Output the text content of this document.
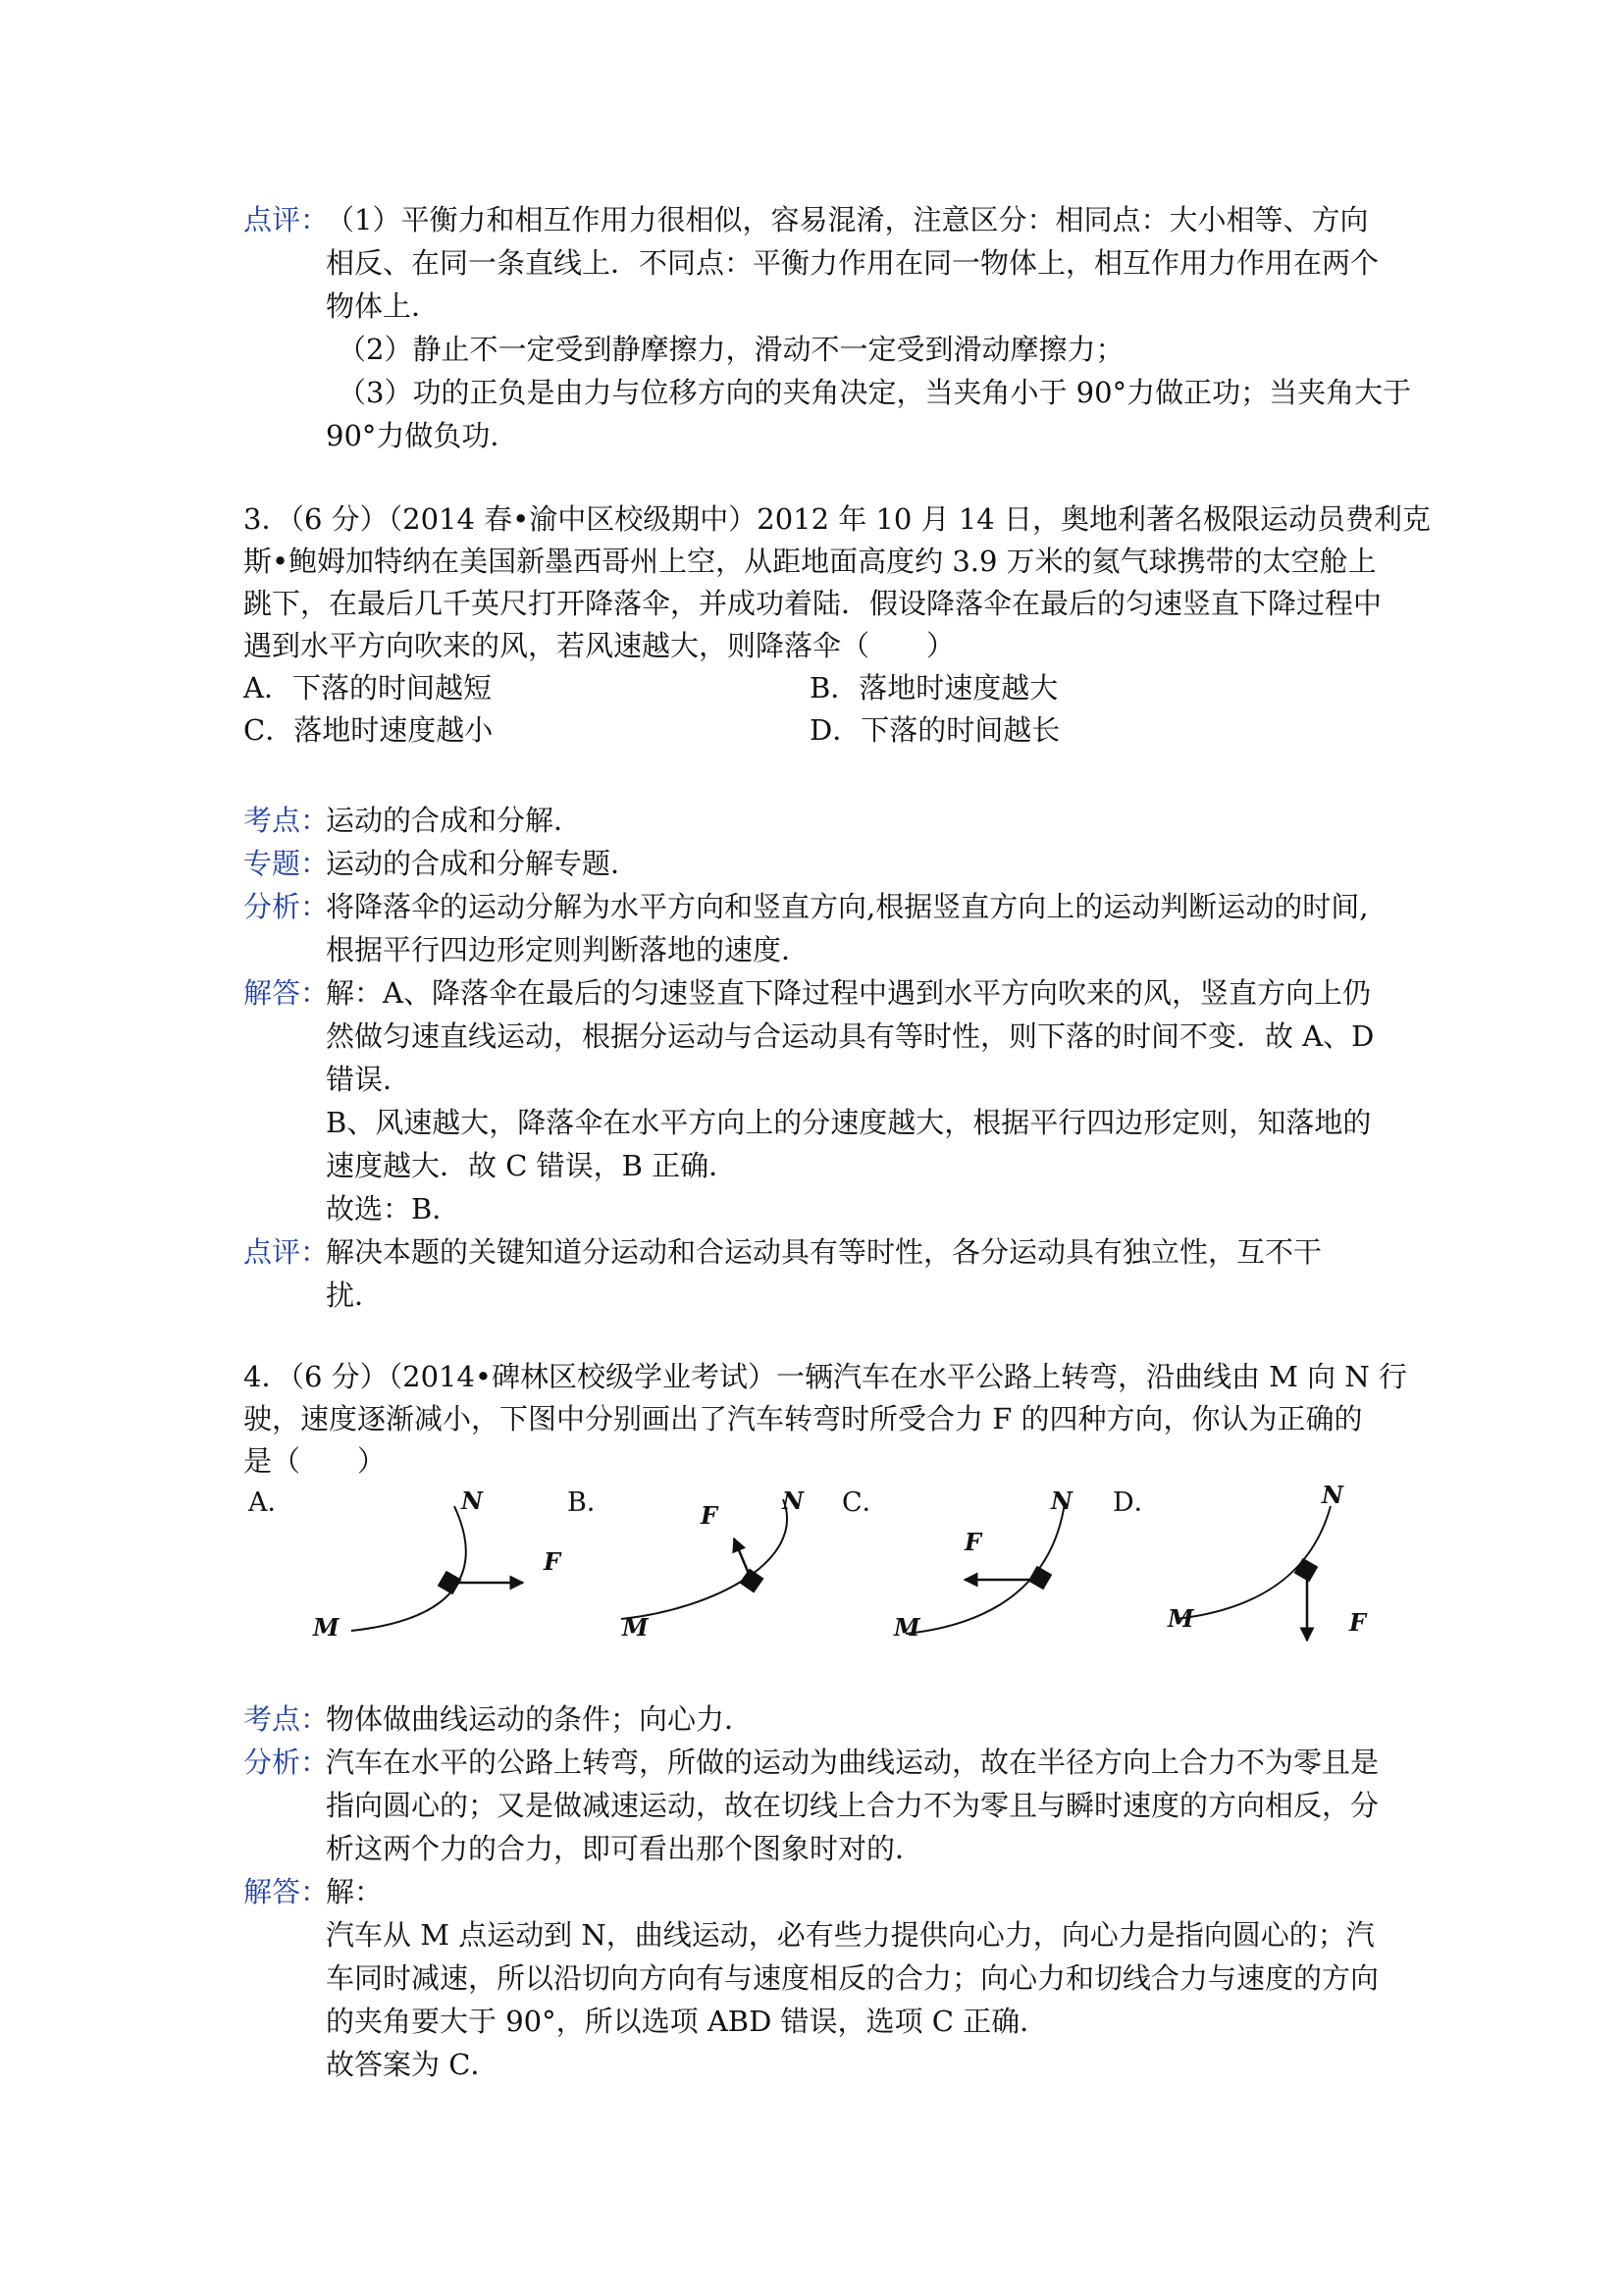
点评：
（1）平衡力和相互作用力很相似，容易混淆，注意区分：相同点：大小相等、方向
相反、在同一条直线上．不同点：平衡力作用在同一物体上，相互作用力作用在两个
物体上．
（2）静止不一定受到静摩擦力，滑动不一定受到滑动摩擦力；
（3）功的正负是由力与位移方向的夹角决定，当夹角小于 90°力做正功；当夹角大于
90°力做负功．
3．（6 分）（2014 春•渝中区校级期中）2012 年 10 月 14 日，奥地利著名极限运动员费利克
斯•鲍姆加特纳在美国新墨西哥州上空，从距地面高度约 3.9 万米的氦气球携带的太空舱上
跳下，在最后几千英尺打开降落伞，并成功着陆．假设降落伞在最后的匀速竖直下降过程中
遇到水平方向吹来的风，若风速越大，则降落伞（　　）
A．下落的时间越短	B．落地时速度越大
C．落地时速度越小	D．下落的时间越长
考点：
运动的合成和分解．
专题：
运动的合成和分解专题．
分析：
将降落伞的运动分解为水平方向和竖直方向,根据竖直方向上的运动判断运动的时间,
根据平行四边形定则判断落地的速度．
解答：
解：A、降落伞在最后的匀速竖直下降过程中遇到水平方向吹来的风，竖直方向上仍
然做匀速直线运动，根据分运动与合运动具有等时性，则下落的时间不变．故 A、D
错误．
B、风速越大，降落伞在水平方向上的分速度越大，根据平行四边形定则，知落地的
速度越大．故 C 错误，B 正确．
故选：B．
点评：
解决本题的关键知道分运动和合运动具有等时性，各分运动具有独立性，互不干
扰．
4．（6 分）（2014•碑林区校级学业考试）一辆汽车在水平公路上转弯，沿曲线由 M 向 N 行
驶，速度逐渐减小，下图中分别画出了汽车转弯时所受合力 F 的四种方向，你认为正确的
是（　　）
A．
M
N
F
B．
M
N
F	C．
M
N
F
D．
M
N
F
考点：
物体做曲线运动的条件；向心力．
分析：
汽车在水平的公路上转弯，所做的运动为曲线运动，故在半径方向上合力不为零且是
指向圆心的；又是做减速运动，故在切线上合力不为零且与瞬时速度的方向相反，分
析这两个力的合力，即可看出那个图象时对的．
解答：
解：
汽车从 M 点运动到 N，曲线运动，必有些力提供向心力，向心力是指向圆心的；汽
车同时减速，所以沿切向方向有与速度相反的合力；向心力和切线合力与速度的方向
的夹角要大于 90°，所以选项 ABD 错误，选项 C 正确．
故答案为 C．
